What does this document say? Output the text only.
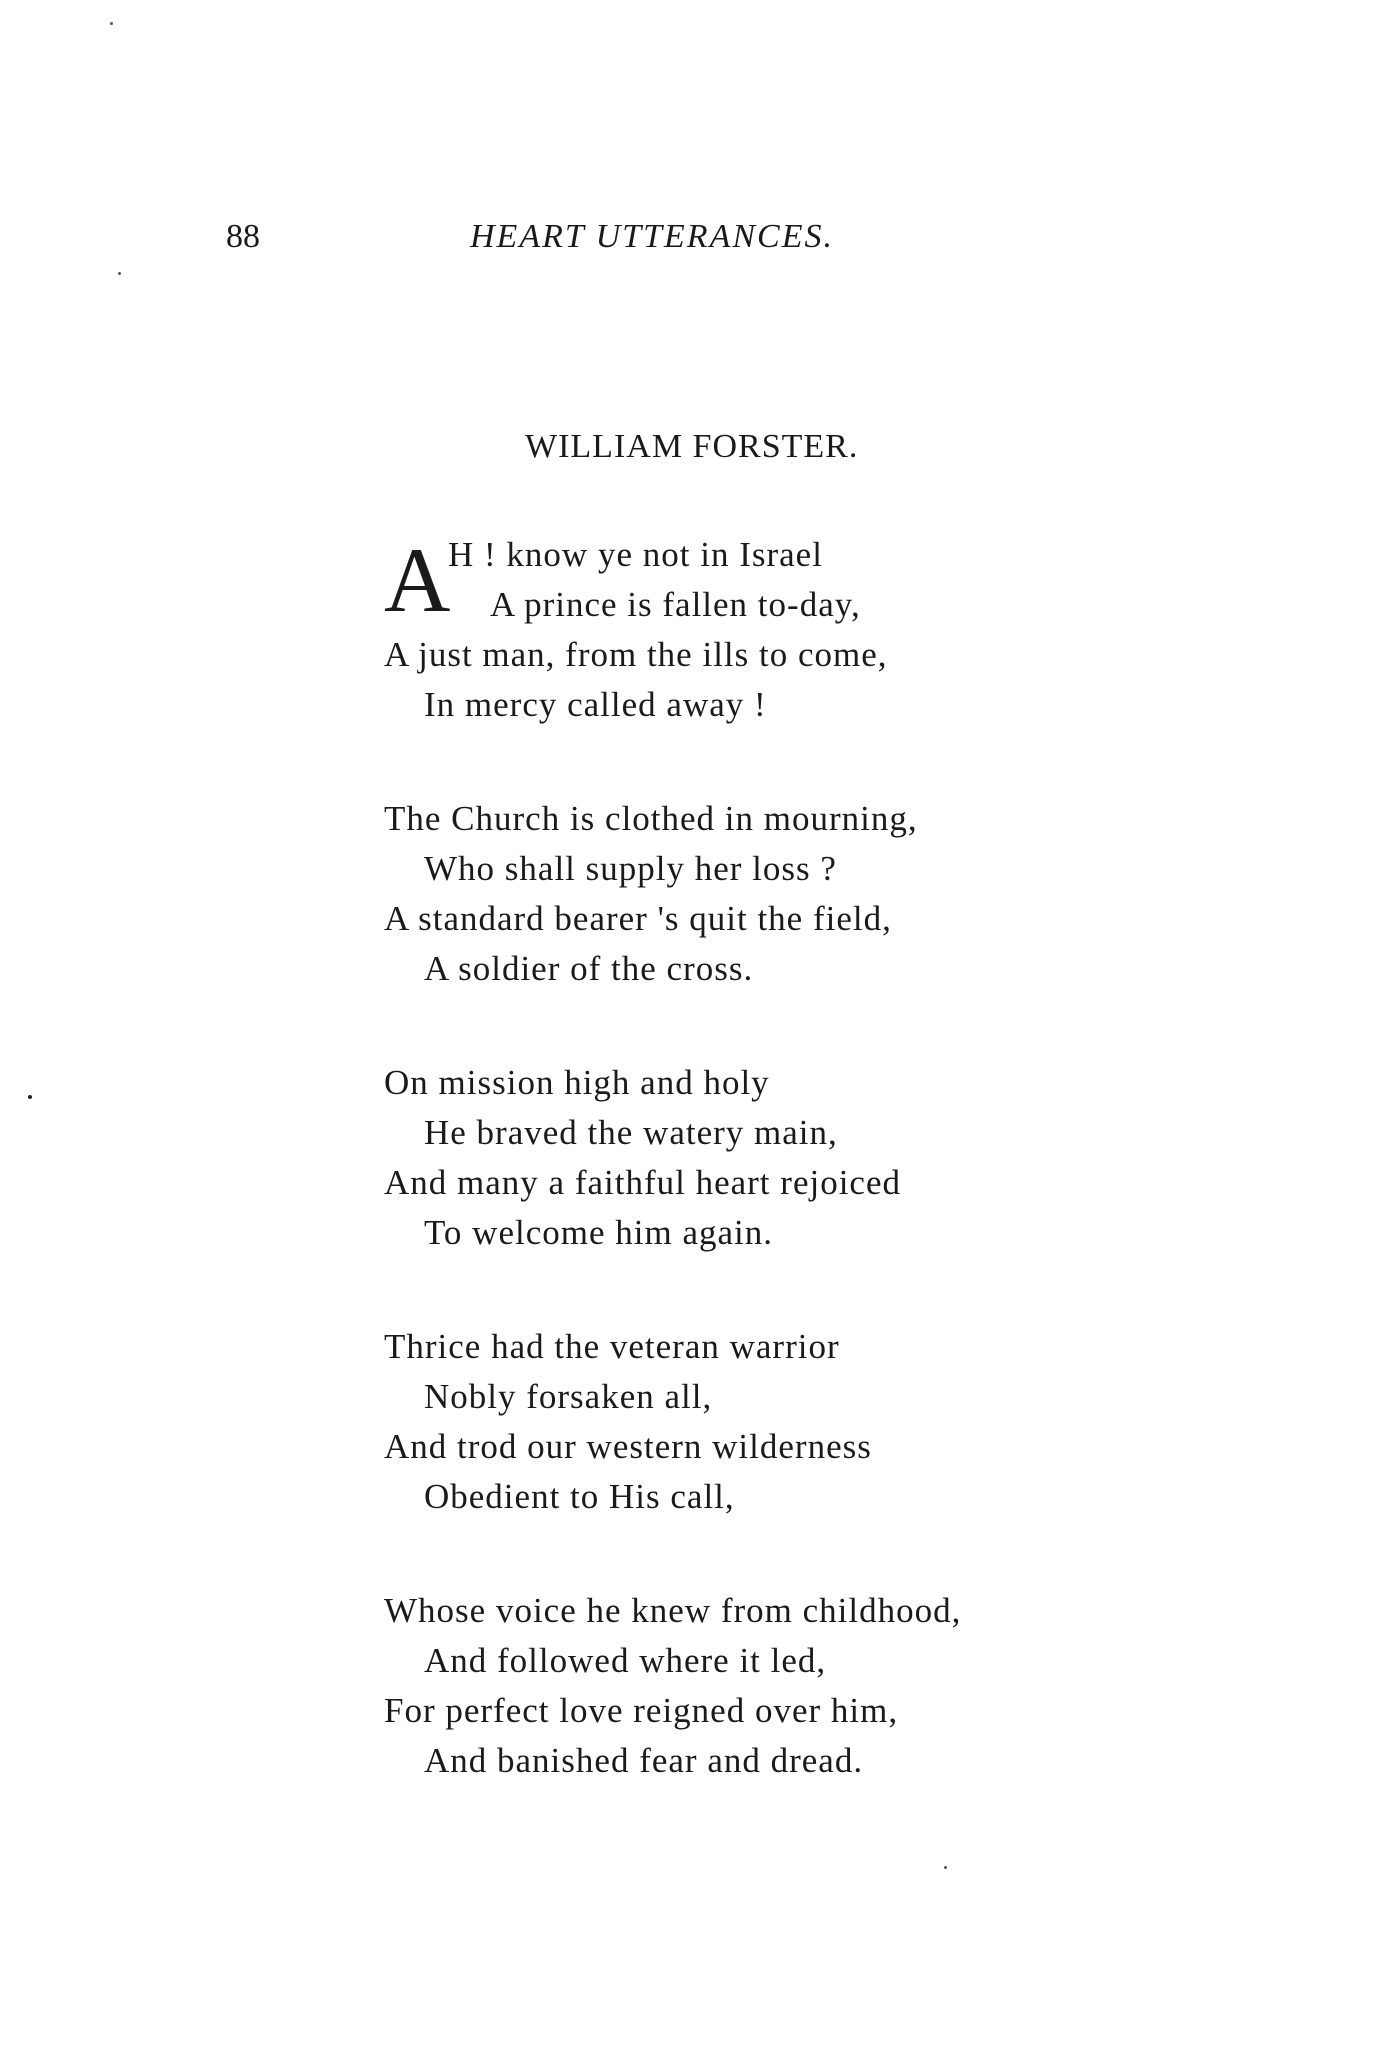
88	HEART UTTERANCES.
WILLIAM FORSTER.
A
H ! know ye not in Israel
A prince is fallen to-day,
A just man, from the ills to come,
In mercy called away !
The Church is clothed in mourning,
Who shall supply her loss ?
A standard bearer 's quit the field,
A soldier of the cross.
On mission high and holy
He braved the watery main,
And many a faithful heart rejoiced
To welcome him again.
Thrice had the veteran warrior
Nobly forsaken all,
And trod our western wilderness
Obedient to His call,
Whose voice he knew from childhood,
And followed where it led,
For perfect love reigned over him,
And banished fear and dread.
